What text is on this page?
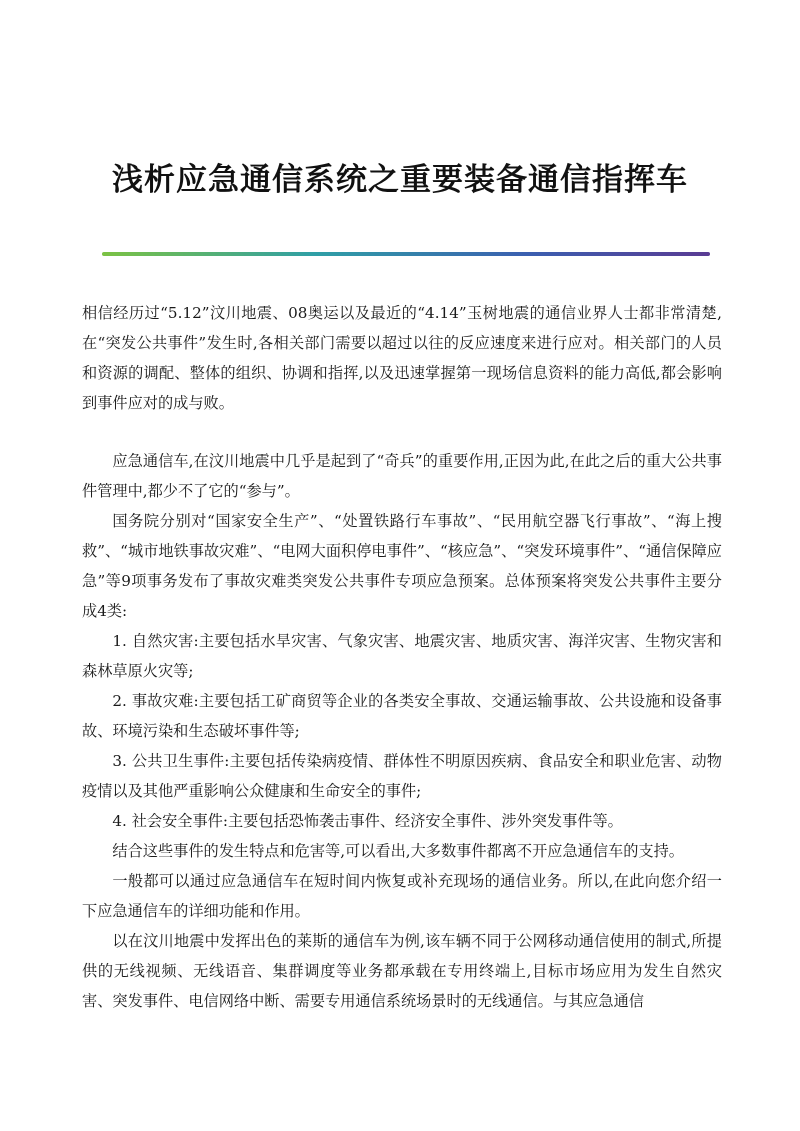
浅析应急通信系统之重要装备通信指挥车

相信经历过“5.12”汶川地震、08奥运以及最近的“4.14”玉树地震的通信业界人士都非常清楚,在“突发公共事件”发生时,各相关部门需要以超过以往的反应速度来进行应对。相关部门的人员和资源的调配、整体的组织、协调和指挥,以及迅速掌握第一现场信息资料的能力高低,都会影响到事件应对的成与败。

应急通信车,在汶川地震中几乎是起到了“奇兵”的重要作用,正因为此,在此之后的重大公共事件管理中,都少不了它的“参与”。

国务院分别对“国家安全生产”、“处置铁路行车事故”、“民用航空器飞行事故”、“海上搜救”、“城市地铁事故灾难”、“电网大面积停电事件”、“核应急”、“突发环境事件”、“通信保障应急”等9项事务发布了事故灾难类突发公共事件专项应急预案。总体预案将突发公共事件主要分成4类:

1. 自然灾害:主要包括水旱灾害、气象灾害、地震灾害、地质灾害、海洋灾害、生物灾害和森林草原火灾等;

2. 事故灾难:主要包括工矿商贸等企业的各类安全事故、交通运输事故、公共设施和设备事故、环境污染和生态破坏事件等;

3. 公共卫生事件:主要包括传染病疫情、群体性不明原因疾病、食品安全和职业危害、动物疫情以及其他严重影响公众健康和生命安全的事件;

4. 社会安全事件:主要包括恐怖袭击事件、经济安全事件、涉外突发事件等。

结合这些事件的发生特点和危害等,可以看出,大多数事件都离不开应急通信车的支持。

一般都可以通过应急通信车在短时间内恢复或补充现场的通信业务。所以,在此向您介绍一下应急通信车的详细功能和作用。

以在汶川地震中发挥出色的莱斯的通信车为例,该车辆不同于公网移动通信使用的制式,所提供的无线视频、无线语音、集群调度等业务都承载在专用终端上,目标市场应用为发生自然灾害、突发事件、电信网络中断、需要专用通信系统场景时的无线通信。与其应急通信
